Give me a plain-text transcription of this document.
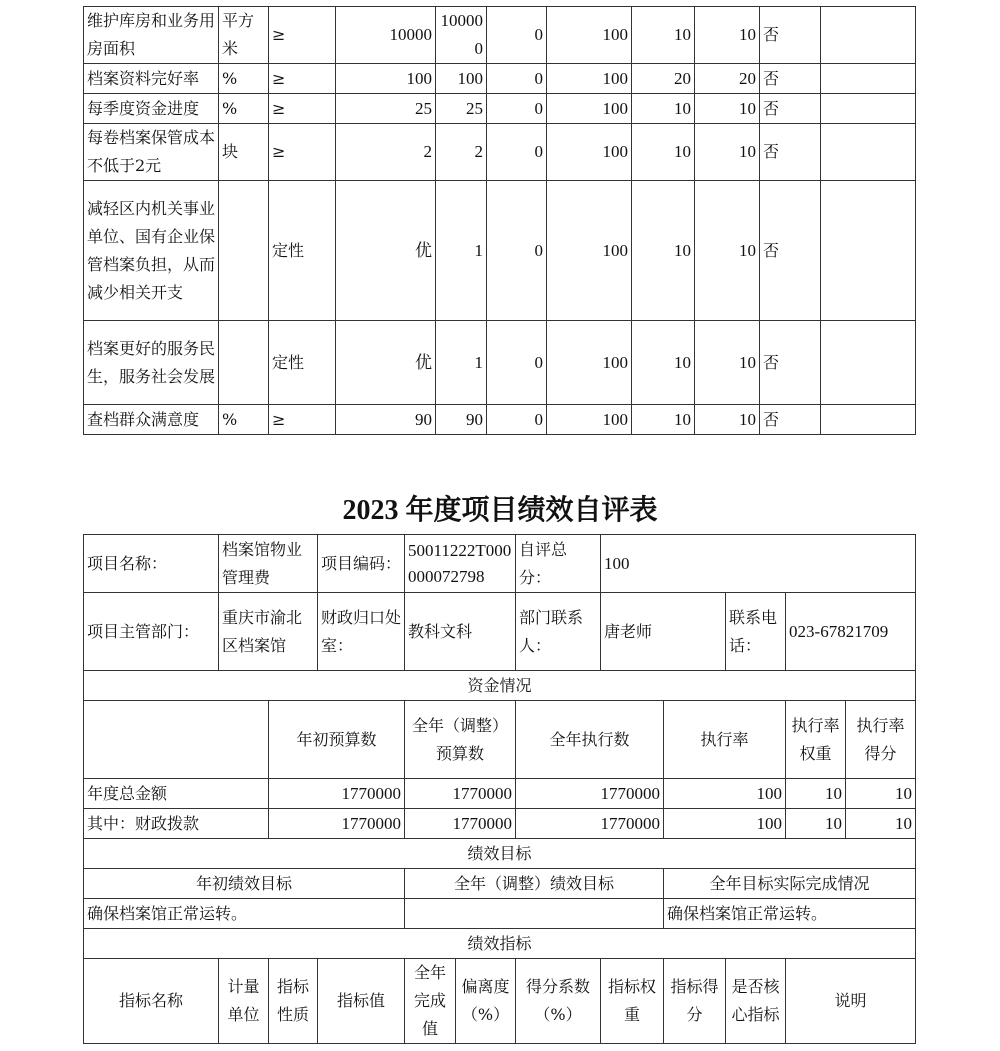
维护库房和业务用房面积	平方米	≥	10000	100000	0	100	10	10	否	
档案资料完好率	%	≥	100	100	0	100	20	20	否	
每季度资金进度	%	≥	25	25	0	100	10	10	否	
每卷档案保管成本不低于2元	块	≥	2	2	0	100	10	10	否	
减轻区内机关事业单位、国有企业保管档案负担，从而减少相关开支		定性	优	1	0	100	10	10	否	
档案更好的服务民生，服务社会发展		定性	优	1	0	100	10	10	否	
查档群众满意度	%	≥	90	90	0	100	10	10	否	
2023 年度项目绩效自评表
项目名称：	档案馆物业管理费		项目编码：	50011222T000000072798		自评总分：	100				
项目主管部门：	重庆市渝北区档案馆		财政归口处室：	教科文科		部门联系人：	唐老师		联系电话：	023-67821709	
资金情况											
		年初预算数		全年（调整）预算数		全年执行数		执行率		执行率权重	执行率得分
年度总金额		1770000		1770000		1770000		100		10	10
其中：财政拨款		1770000		1770000		1770000		100		10	10
绩效目标											
年初绩效目标				全年（调整）绩效目标				全年目标实际完成情况			
确保档案馆正常运转。								确保档案馆正常运转。			
绩效指标											
指标名称	计量单位	指标性质	指标值	全年完成值	偏离度（%）	得分系数（%）	指标权重	指标得分	是否核心指标	说明	
